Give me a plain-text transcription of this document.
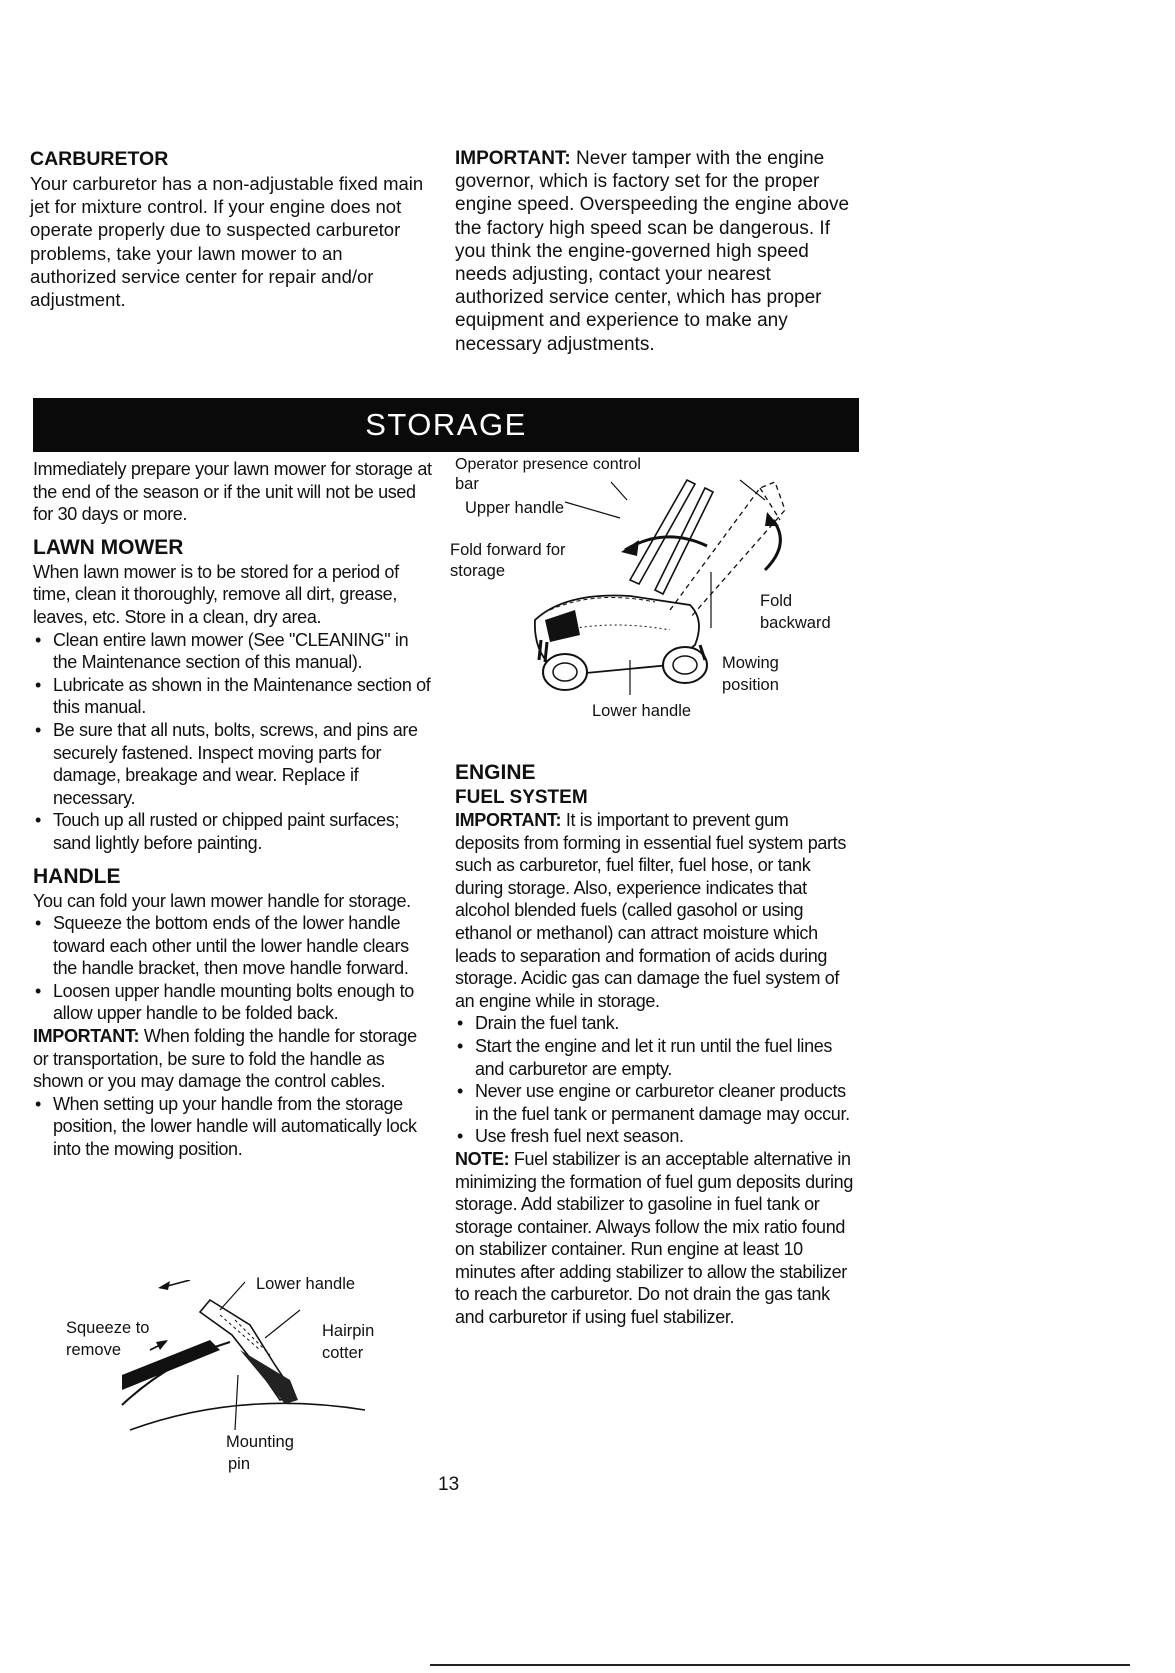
CARBURETOR

Your carburetor has a non-adjustable fixed main jet for mixture control. If your engine does not operate properly due to suspected carburetor problems, take your lawn mower to an authorized service center for repair and/or adjustment.

IMPORTANT: Never tamper with the engine governor, which is factory set for the proper engine speed. Overspeeding the engine above the factory high speed scan be dangerous. If you think the engine-governed high speed needs adjusting, contact your nearest authorized service center, which has proper equipment and experience to make any necessary adjustments.
STORAGE

Immediately prepare your lawn mower for storage at the end of the season or if the unit will not be used for 30 days or more.

LAWN MOWER

When lawn mower is to be stored for a period of time, clean it thoroughly, remove all dirt, grease, leaves, etc. Store in a clean, dry area.

• Clean entire lawn mower (See "CLEANING" in the Maintenance section of this manual).
• Lubricate as shown in the Maintenance section of this manual.
• Be sure that all nuts, bolts, screws, and pins are securely fastened. Inspect moving parts for damage, breakage and wear. Replace if necessary.
• Touch up all rusted or chipped paint surfaces; sand lightly before painting.
HANDLE

You can fold your lawn mower handle for storage.

• Squeeze the bottom ends of the lower handle toward each other until the lower handle clears the handle bracket, then move handle forward.
• Loosen upper handle mounting bolts enough to allow upper handle to be folded back.

IMPORTANT: When folding the handle for storage or transportation, be sure to fold the handle as shown or you may damage the control cables.

• When setting up your handle from the storage position, the lower handle will automatically lock into the mowing position.
Lower handle
Squeeze to
remove
Hairpin
cotter
Mounting
pin
Operator presence control
bar
Upper handle
Fold forward for
storage
Fold
backward
Mowing
position
Lower handle
ENGINE
FUEL SYSTEM

IMPORTANT: It is important to prevent gum deposits from forming in essential fuel system parts such as carburetor, fuel filter, fuel hose, or tank during storage. Also, experience indicates that alcohol blended fuels (called gasohol or using ethanol or methanol) can attract moisture which leads to separation and formation of acids during storage. Acidic gas can damage the fuel system of an engine while in storage.

• Drain the fuel tank.
• Start the engine and let it run until the fuel lines and carburetor are empty.
• Never use engine or carburetor cleaner products in the fuel tank or permanent damage may occur.
• Use fresh fuel next season.

NOTE: Fuel stabilizer is an acceptable alternative in minimizing the formation of fuel gum deposits during storage. Add stabilizer to gasoline in fuel tank or storage container. Always follow the mix ratio found on stabilizer container. Run engine at least 10 minutes after adding stabilizer to allow the stabilizer to reach the carburetor. Do not drain the gas tank and carburetor if using fuel stabilizer.

13
